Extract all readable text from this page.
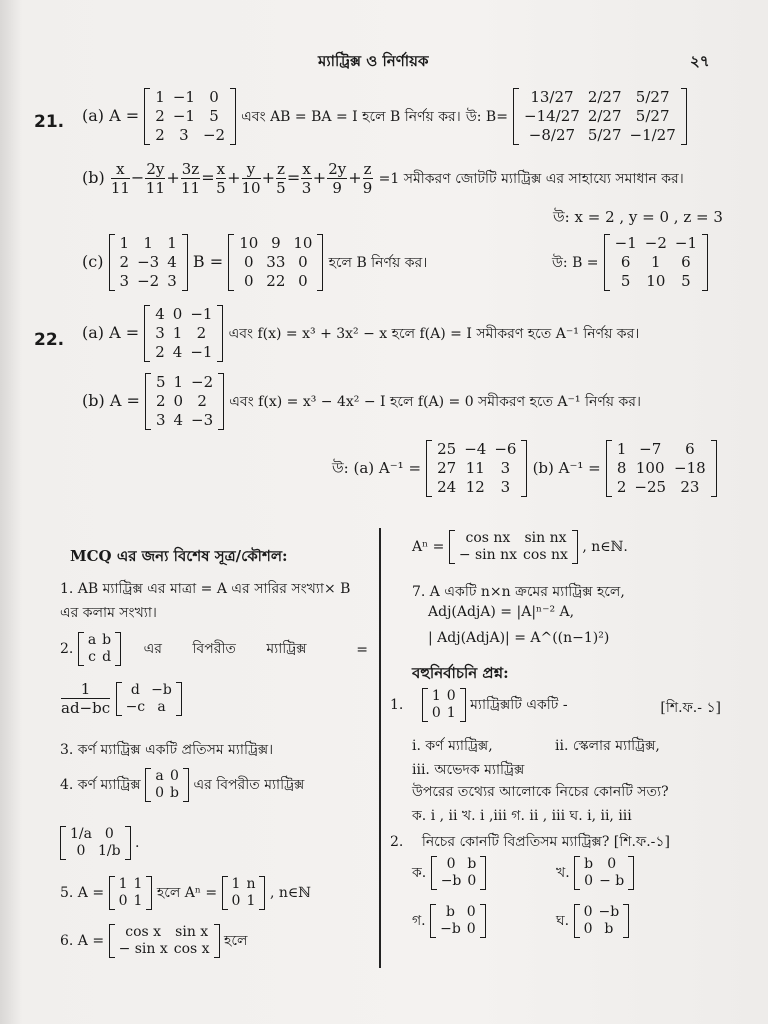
ম্যাট্রিক্স ও নির্ণায়ক	২৭
21. (a) A =
1	−1	0
2	−1	5
2	3	−2
এবং AB = BA = I হলে B নির্ণয় কর। উ: B=
13/27	2/27	5/27
−14/27	2/27	5/27
−8/27	5/27	−1/27
$(b) \frac{x}{11} - \frac{2y}{11} + \frac{3z}{11} = \frac{x}{5} + \frac{y}{10} + \frac{z}{5} = \frac{x}{3} + \frac{2y}{9} + \frac{z}{9} =1$ সমীকরণ জোটটি ম্যাট্রিক্স এর সাহায্যে সমাধান কর।
উ: x = 2 , y = 0 , z = 3
(c)
1	1	1
2	−3	4
3	−2	3
B =
10	9	10
0	33	0
0	22	0
হলে B নির্ণয় কর।	উ: B =
−1	−2	−1
6	1	6
5	10	5
22. (a) A =
4	0	−1
3	1	2
2	4	−1
এবং f(x) = x³ + 3x² − x হলে f(A) = I সমীকরণ হতে A⁻¹ নির্ণয় কর।
(b) A =
5	1	−2
2	0	2
3	4	−3
এবং f(x) = x³ − 4x² − I হলে f(A) = 0 সমীকরণ হতে A⁻¹ নির্ণয় কর।
উ: (a) A⁻¹ =
25	−4	−6
27	11	3
24	12	3
(b) A⁻¹ =
1	−7	6
8	100	−18
2	−25	23
MCQ এর জন্য বিশেষ সূত্র/কৌশল:
1. AB ম্যাট্রিক্স এর মাত্রা = A এর সারির সংখ্যা× B
এর কলাম সংখ্যা।
2.
a	b
c	d এর বিপরীত ম্যাট্রিক্স	=
$\frac{1}{ad-bc}$
d	−b
−c	a
3. কর্ণ ম্যাট্রিক্স একটি প্রতিসম ম্যাট্রিক্স।
4. কর্ণ ম্যাট্রিক্স
a	0
0	b এর বিপরীত ম্যাট্রিক্স
1/a	0
0	1/b .
5. A =
1	1
0	1 হলে Aⁿ =
1	n
0	1 , n∈ℕ
6. A =
cos x	sin x
− sin x	cos x হলে
Aⁿ =
cos nx	sin nx
− sin nx	cos nx , n∈ℕ.
7. A একটি n×n ক্রমের ম্যাট্রিক্স হলে,
Adj(AdjA) = |A|ⁿ⁻² A,
| Adj(AdjA)| = A^((n−1)²)
বহুনির্বাচনি প্রশ্ন:
1.
1	0
0	1 ম্যাট্রিক্সটি একটি -	[শি.ফ.- ১]
i. কর্ণ ম্যাট্রিক্স,	ii. স্কেলার ম্যাট্রিক্স,
iii. অভেদক ম্যাট্রিক্স
উপরের তথ্যের আলোকে নিচের কোনটি সত্য?
ক. i , ii খ. i ,iii গ. ii , iii ঘ. i, ii, iii
2. নিচের কোনটি বিপ্রতিসম ম্যাট্রিক্স? [শি.ফ.-১]
ক.
0	b
−b	0	খ.
b	0
0	− b
গ.
b	0
−b	0	ঘ.
0	−b
0	b
